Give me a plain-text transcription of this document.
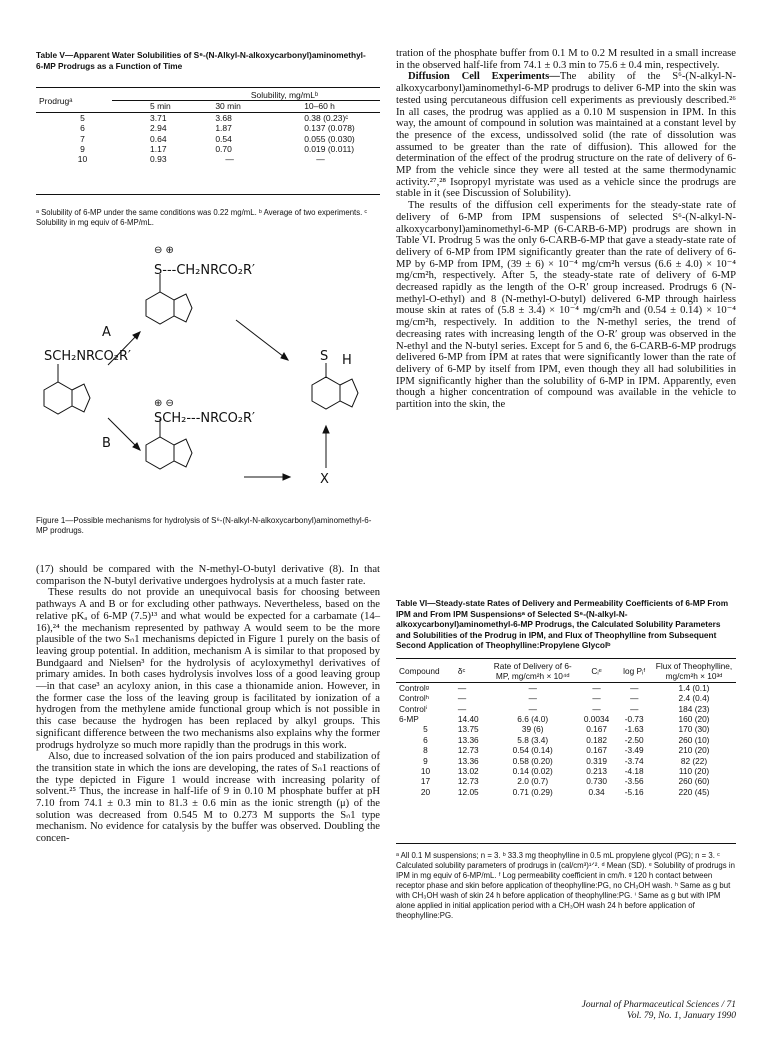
Table V—Apparent Water Solubilities of S⁶-(N-Alkyl-N-alkoxycarbonyl)aminomethyl-6-MP Prodrugs as a Function of Time
Prodrugᵃ	Solubility, mg/mLᵇ		
	5 min	30 min	10–60 h

5	3.71	3.68	0.38 (0.23)ᶜ
6	2.94	1.87	0.137 (0.078)
7	0.64	0.54	0.055 (0.030)
9	1.17	0.70	0.019 (0.011)
10	0.93	—	—
ᵃ Solubility of 6-MP under the same conditions was 0.22 mg/mL. ᵇ Average of two experiments. ᶜ Solubility in mg equiv of 6-MP/mL.
⊖ ⊕
S---CH₂NRCO₂R′
SCH₂NRCO₂R′
⊕ ⊖
SCH₂---NRCO₂R′
S H
A
B
X
Figure 1—Possible mechanisms for hydrolysis of S⁶-(N-alkyl-N-alkoxycarbonyl)aminomethyl-6-MP prodrugs.

(17) should be compared with the N-methyl-O-butyl derivative (8). In that comparison the N-butyl derivative undergoes hydrolysis at a much faster rate.

These results do not provide an unequivocal basis for choosing between pathways A and B or for excluding other pathways. Nevertheless, based on the relative pKₐ of 6-MP (7.5)¹³ and what would be expected for a carbamate (14–16),²⁴ the mechanism represented by pathway A would seem to be the more plausible of the two Sₙ1 mechanisms depicted in Figure 1 purely on the basis of leaving group potential. In addition, mechanism A is similar to that proposed by Bundgaard and Nielsen³ for the hydrolysis of acyloxymethyl derivatives of primary amides. In both cases hydrolysis involves loss of a good leaving group—in that case³ an acyloxy anion, in this case a thionamide anion. However, in the former case the loss of the leaving group is facilitated by ionization of a hydrogen from the methylene amide functional group which is not possible in this case because the hydrogen has been replaced by alkyl groups. This significant difference between the two mechanisms also explains why the former prodrugs hydrolyze so much more rapidly than the prodrugs in this work.

Also, due to increased solvation of the ion pairs produced and stabilization of the transition state in which the ions are developing, the rates of Sₙ1 reactions of the type depicted in Figure 1 would increase with increasing polarity of solvent.²⁵ Thus, the increase in half-life of 9 in 0.10 M phosphate buffer at pH 7.10 from 74.1 ± 0.3 min to 81.3 ± 0.6 min as the ionic strength (μ) of the solution was decreased from 0.545 M to 0.273 M supports the Sₙ1 type mechanism. No evidence for catalysis by the buffer was observed. Doubling the concen-

tration of the phosphate buffer from 0.1 M to 0.2 M resulted in a small increase in the observed half-life from 74.1 ± 0.3 min to 75.6 ± 0.4 min, respectively.

Diffusion Cell Experiments—The ability of the S⁶-(N-alkyl-N-alkoxycarbonyl)aminomethyl-6-MP prodrugs to deliver 6-MP into the skin was tested using percutaneous diffusion cell experiments as previously described.²⁶ In all cases, the prodrug was applied as a 0.10 M suspension in IPM. In this way, the amount of compound in solution was maintained at a constant level by the presence of the excess, undissolved solid (the rate of dissolution was assumed to be greater than the rate of diffusion). This allowed for the determination of the effect of the prodrug structure on the rate of delivery of 6-MP from the vehicle since they were all tested at the same thermodynamic activity.²⁷,²⁸ Isopropyl myristate was used as a vehicle since the prodrugs are stable in it (see Discussion of Solubility).

The results of the diffusion cell experiments for the steady-state rate of delivery of 6-MP from IPM suspensions of selected S⁶-(N-alkyl-N-alkoxycarbonyl)aminomethyl-6-MP (6-CARB-6-MP) prodrugs are shown in Table VI. Prodrug 5 was the only 6-CARB-6-MP that gave a steady-state rate of delivery of 6-MP from IPM significantly greater than the rate of delivery of 6-MP by 6-MP from IPM, (39 ± 6) × 10⁻⁴ mg/cm²h versus (6.6 ± 4.0) × 10⁻⁴ mg/cm²h, respectively. After 5, the steady-state rate of delivery of 6-MP decreased rapidly as the length of the O-R′ group increased. Prodrugs 6 (N-methyl-O-ethyl) and 8 (N-methyl-O-butyl) delivered 6-MP through hairless mouse skin at rates of (5.8 ± 3.4) × 10⁻⁴ mg/cm²h and (0.54 ± 0.14) × 10⁻⁴ mg/cm²h, respectively. In addition to the N-methyl series, the trend of decreasing rates with increasing length of the O-R′ group was observed in the N-ethyl and the N-butyl series. Except for 5 and 6, the 6-CARB-6-MP prodrugs delivered 6-MP from IPM at rates that were significantly lower than the rate of delivery of 6-MP by itself from IPM, even though they all had solubilities in IPM significantly higher than the solubility of 6-MP in IPM. Apparently, even though a higher concentration of compound was available in the vehicle to partition into the skin, the

Table VI—Steady-state Rates of Delivery and Permeability Coefficients of 6-MP From IPM and From IPM Suspensionsᵃ of Selected S⁶-(N-alkyl-N-alkoxycarbonyl)aminomethyl-6-MP Prodrugs, the Calculated Solubility Parameters and Solubilities of the Prodrug in IPM, and Flux of Theophylline from Subsequent Second Application of Theophylline:Propylene Glycolᵇ
Compound	δᶜ	Rate of Delivery of 6-MP, mg/cm²h × 10⁴ᵈ	Cᵢᵉ	log Pᵢᶠ	Flux of Theophylline, mg/cm²h × 10³ᵈ

Controlᵍ	—	—	—	—	1.4 (0.1)
Controlʰ	—	—	—	—	2.4 (0.4)
Controlⁱ	—	—	—	—	184 (23)
6-MP	14.40	6.6 (4.0)	0.0034	-0.73	160 (20)
5	13.75	39 (6)	0.167	-1.63	170 (30)
6	13.36	5.8 (3.4)	0.182	-2.50	260 (10)
8	12.73	0.54 (0.14)	0.167	-3.49	210 (20)
9	13.36	0.58 (0.20)	0.319	-3.74	82 (22)
10	13.02	0.14 (0.02)	0.213	-4.18	110 (20)
17	12.73	2.0 (0.7)	0.730	-3.56	260 (60)
20	12.05	0.71 (0.29)	0.34	-5.16	220 (45)
ᵃ All 0.1 M suspensions; n = 3. ᵇ 33.3 mg theophylline in 0.5 mL propylene glycol (PG); n = 3. ᶜ Calculated solubility parameters of prodrugs in (cal/cm³)¹ᐟ². ᵈ Mean (SD). ᵉ Solubility of prodrugs in IPM in mg equiv of 6-MP/mL. ᶠ Log permeability coefficient in cm/h. ᵍ 120 h contact between receptor phase and skin before application of theophylline:PG, no CH₃OH wash. ʰ Same as g but with CH₃OH wash of skin 24 h before application of theophylline:PG. ⁱ Same as g but with IPM alone applied in initial application period with a CH₃OH wash 24 h before application of theophylline:PG.
Journal of Pharmaceutical Sciences / 71
Vol. 79, No. 1, January 1990
